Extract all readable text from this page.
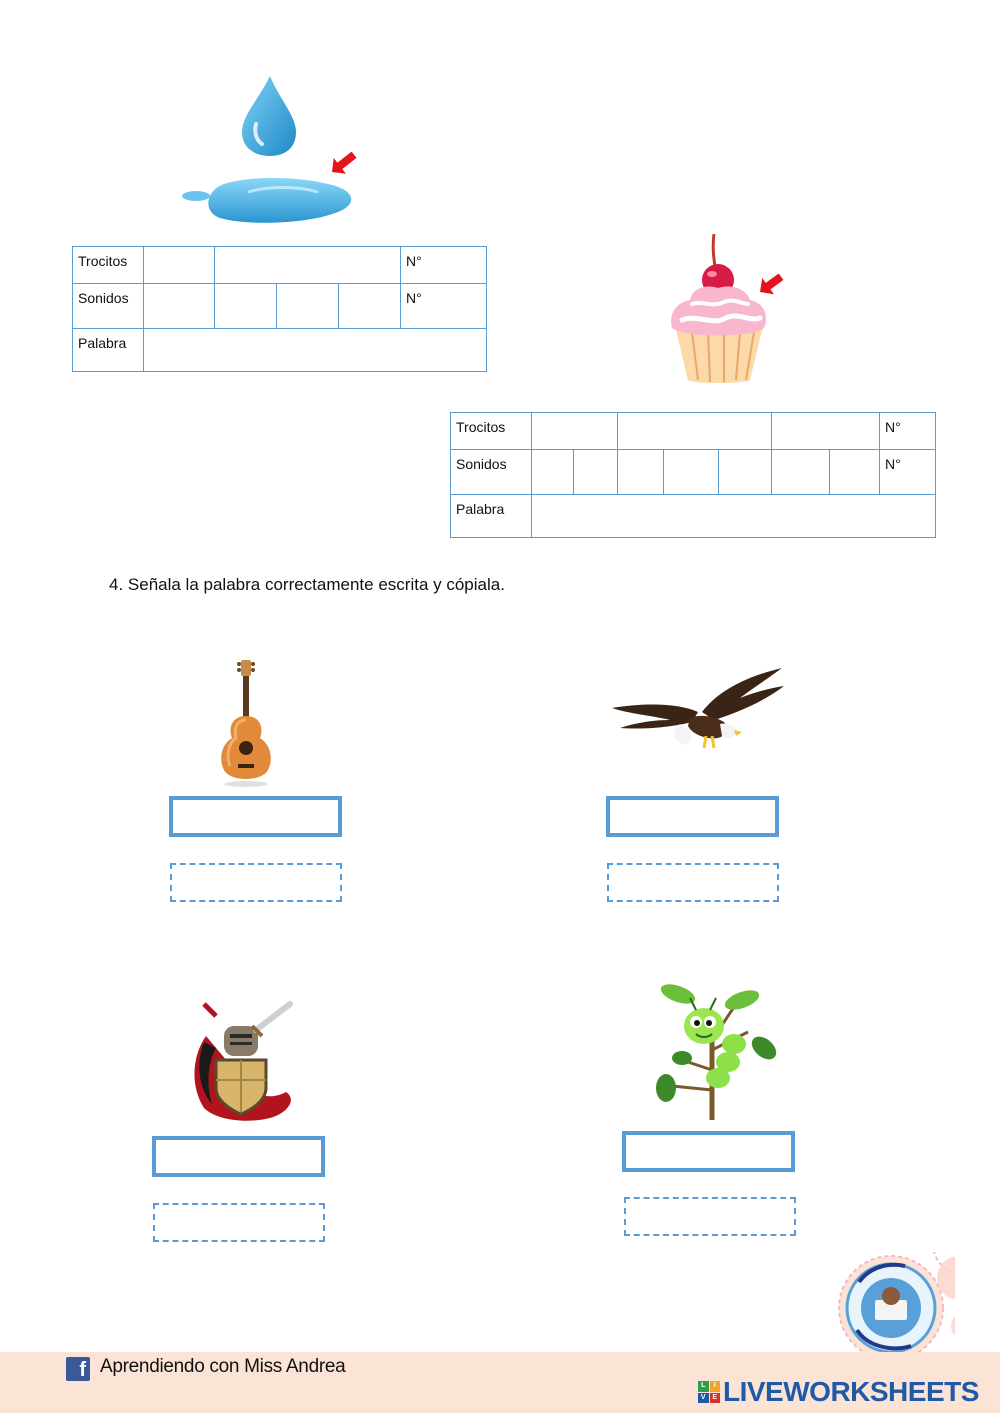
Trocitos					N°
Sonidos					N°
Palabra					
Trocitos								N°
Sonidos								N°
Palabra								
4. Señala la palabra correctamente escrita y cópiala.
f Aprendiendo con Miss Andrea
L	I
V E LIVEWORKSHEETS
